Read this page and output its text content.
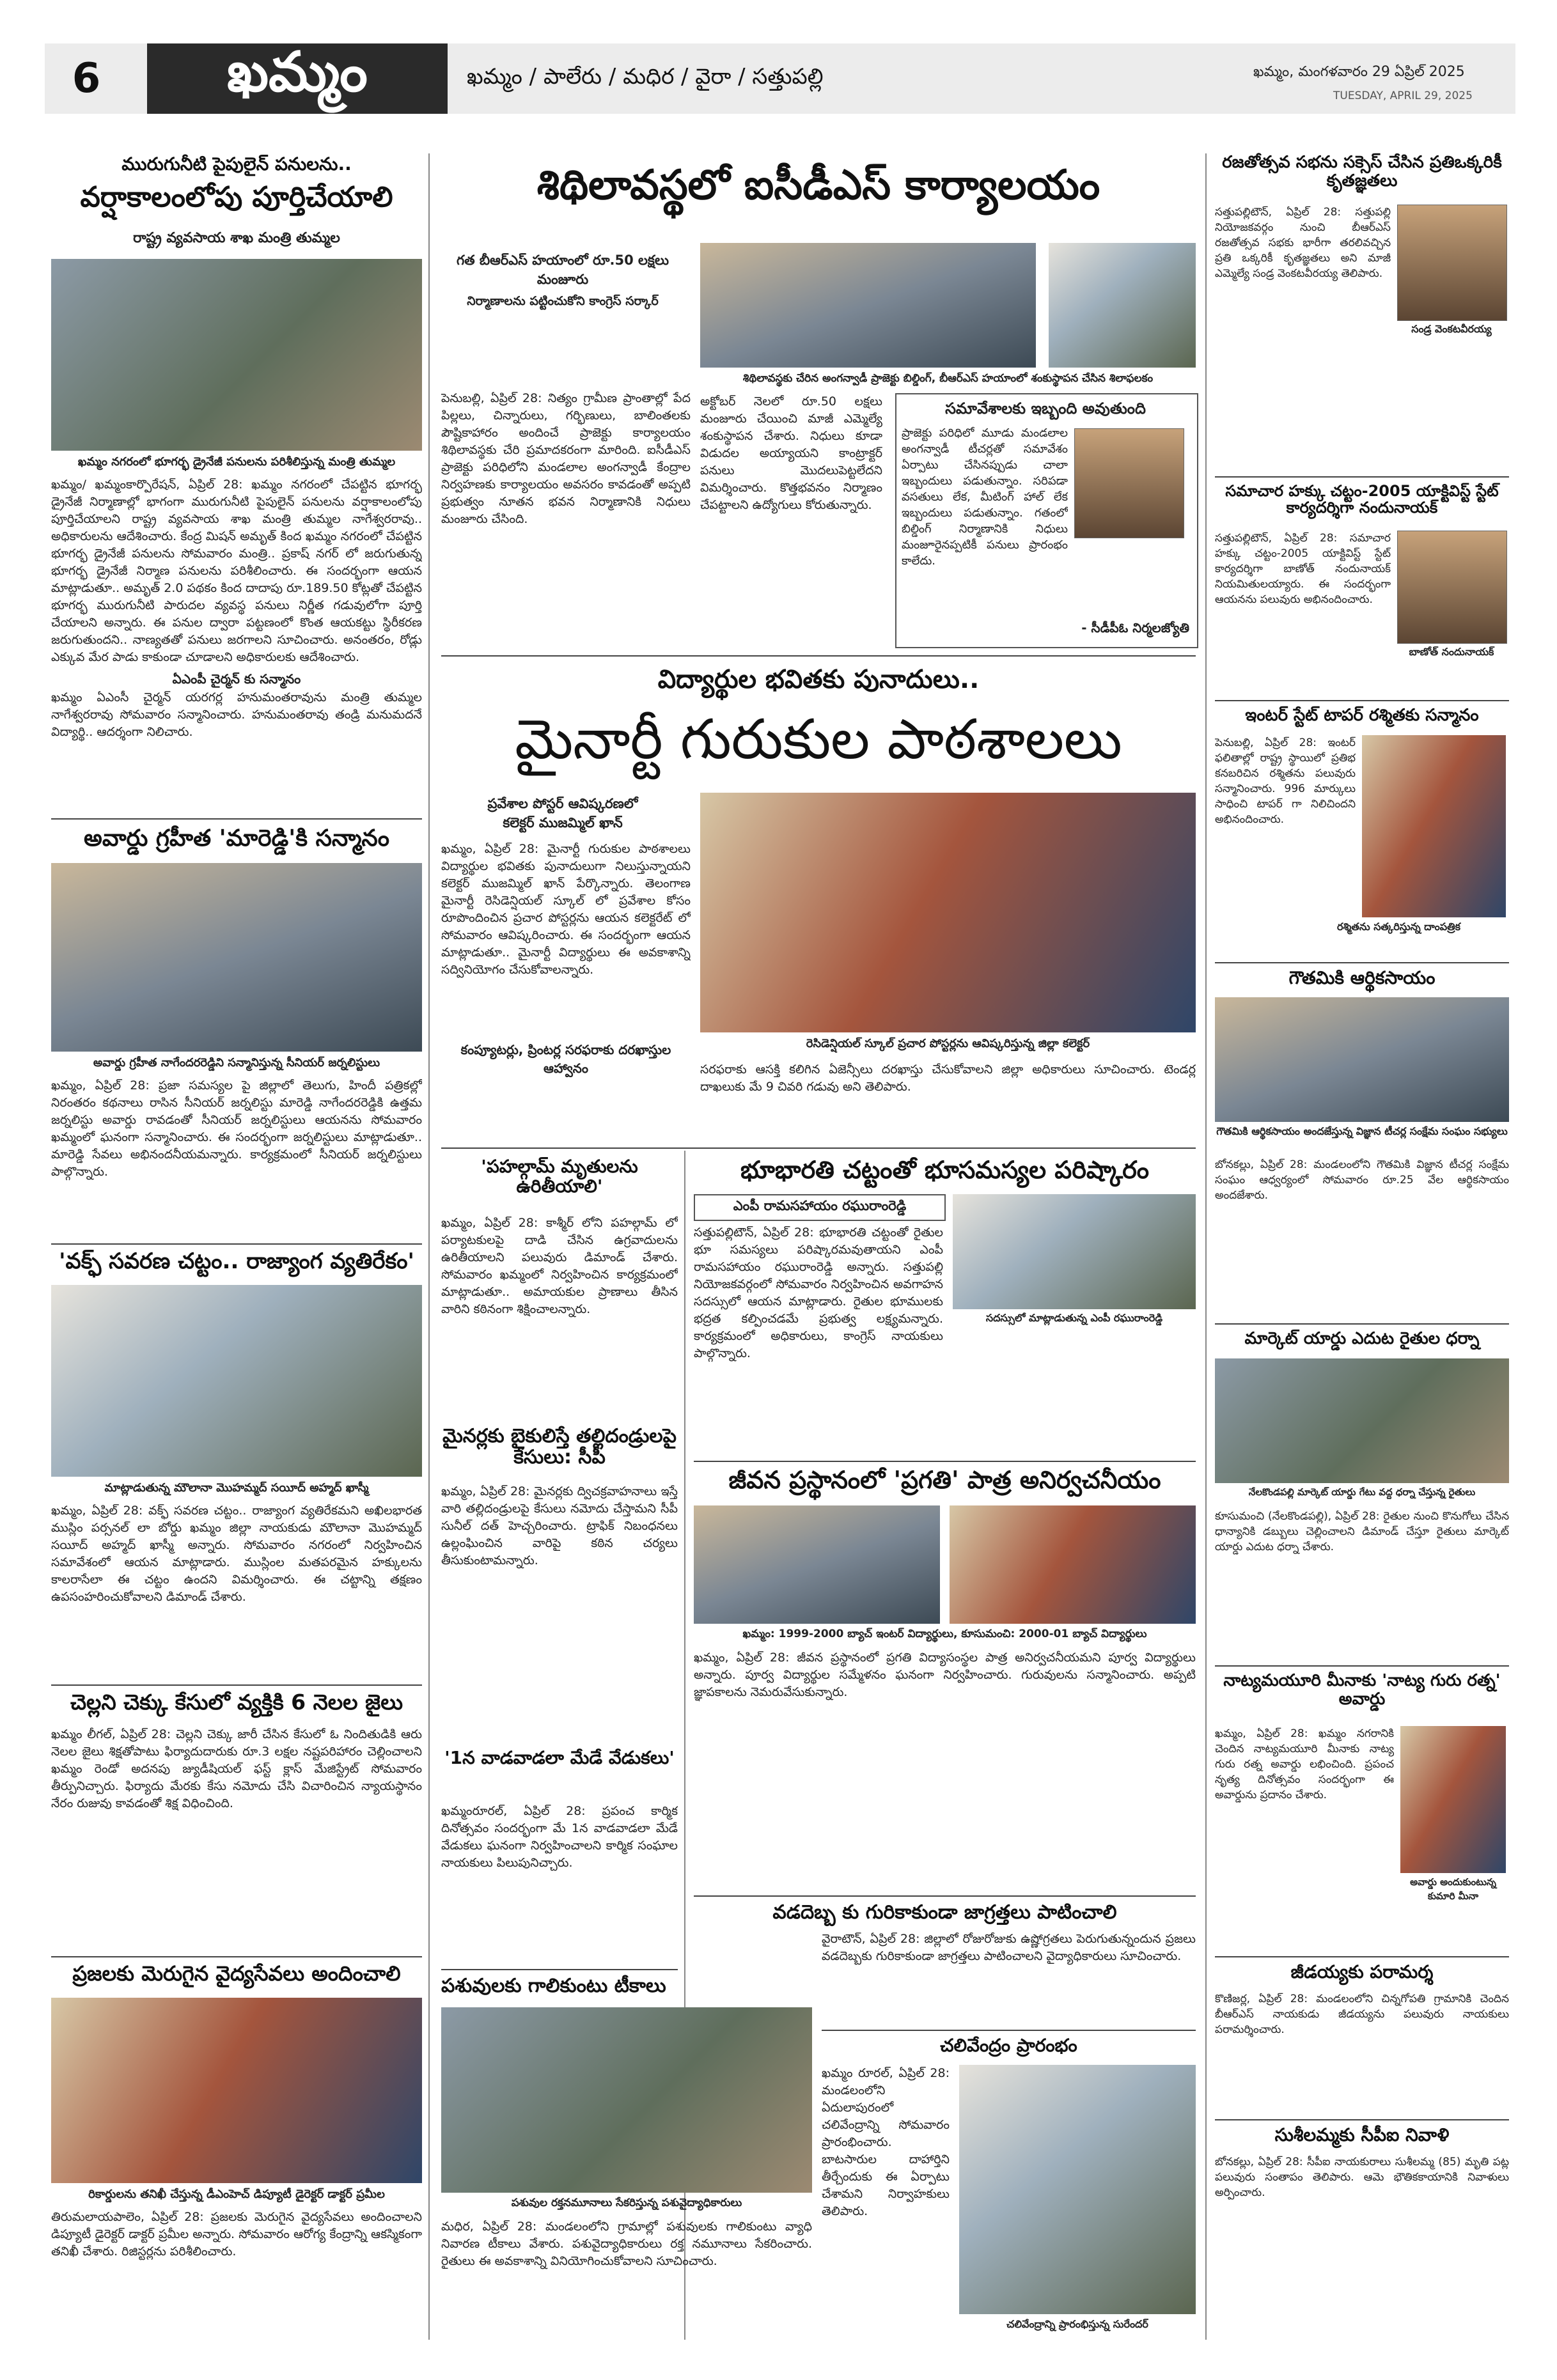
6	ఖమ్మం	ఖమ్మం / పాలేరు / మధిర / వైరా / సత్తుపల్లి	ఖమ్మం, మంగళవారం 29 ఏప్రిల్ 2025
TUESDAY, APRIL 29, 2025
మురుగునీటి పైపులైన్ పనులను..
వర్షాకాలంలోపు పూర్తిచేయాలి
రాష్ట్ర వ్యవసాయ శాఖ మంత్రి తుమ్మల
ఖమ్మం నగరంలో భూగర్భ డ్రైనేజీ పనులను పరిశీలిస్తున్న మంత్రి తుమ్మల
ఖమ్మం/ ఖమ్మంకార్పొరేషన్, ఏప్రిల్ 28: ఖమ్మం నగరంలో చేపట్టిన భూగర్భ డ్రైనేజీ నిర్మాణాల్లో భాగంగా మురుగునీటి పైపులైన్ పనులను వర్షాకాలంలోపు పూర్తిచేయాలని రాష్ట్ర వ్యవసాయ శాఖ మంత్రి తుమ్మల నాగేశ్వరరావు.. అధికారులను ఆదేశించారు. కేంద్ర మిషన్ అమృత్ కింద ఖమ్మం నగరంలో చేపట్టిన భూగర్భ డ్రైనేజీ పనులను సోమవారం మంత్రి.. ప్రకాష్ నగర్ లో జరుగుతున్న భూగర్భ డ్రైనేజీ నిర్మాణ పనులను పరిశీలించారు. ఈ సందర్భంగా ఆయన మాట్లాడుతూ.. అమృత్ 2.0 పథకం కింద దాదాపు రూ.189.50 కోట్లతో చేపట్టిన భూగర్భ మురుగునీటి పారుదల వ్యవస్థ పనులు నిర్ణీత గడువులోగా పూర్తి చేయాలని అన్నారు. ఈ పనుల ద్వారా పట్టణంలో కొంత ఆయకట్టు స్థిరీకరణ జరుగుతుందని.. నాణ్యతతో పనులు జరగాలని సూచించారు. అనంతరం, రోడ్లు ఎక్కువ మేర పాడు కాకుండా చూడాలని అధికారులకు ఆదేశించారు.
ఏఎంపీ చైర్మన్ కు సన్మానం
ఖమ్మం ఏఎంసీ చైర్మన్ యరగర్ల హనుమంతరావును మంత్రి తుమ్మల నాగేశ్వరరావు సోమవారం సన్మానించారు. హనుమంతరావు తండ్రి మనుమదనే విద్యార్థి.. ఆదర్శంగా నిలిచారు.
అవార్డు గ్రహీత 'మారెడ్డి'కి సన్మానం
అవార్డు గ్రహీత నాగేందరరెడ్డిని సన్మానిస్తున్న సీనియర్ జర్నలిస్టులు
ఖమ్మం, ఏప్రిల్ 28: ప్రజా సమస్యల పై జిల్లాలో తెలుగు, హిందీ పత్రికల్లో నిరంతరం కథనాలు రాసిన సీనియర్ జర్నలిస్టు మారెడ్డి నాగేందరరెడ్డికి ఉత్తమ జర్నలిస్టు అవార్డు రావడంతో సీనియర్ జర్నలిస్టులు ఆయనను సోమవారం ఖమ్మంలో ఘనంగా సన్మానించారు. ఈ సందర్భంగా జర్నలిస్టులు మాట్లాడుతూ.. మారెడ్డి సేవలు అభినందనీయమన్నారు. కార్యక్రమంలో సీనియర్ జర్నలిస్టులు పాల్గొన్నారు.
'వక్ఫ్ సవరణ చట్టం.. రాజ్యాంగ వ్యతిరేకం'
మాట్లాడుతున్న మౌలానా మొహమ్మద్ సయీద్ అహ్మద్ ఖాస్మీ
ఖమ్మం, ఏప్రిల్ 28: వక్ఫ్ సవరణ చట్టం.. రాజ్యాంగ వ్యతిరేకమని అఖిలభారత ముస్లిం పర్సనల్ లా బోర్డు ఖమ్మం జిల్లా నాయకుడు మౌలానా మొహమ్మద్ సయీద్ అహ్మద్ ఖాస్మీ అన్నారు. సోమవారం నగరంలో నిర్వహించిన సమావేశంలో ఆయన మాట్లాడారు. ముస్లింల మతపరమైన హక్కులను కాలరాసేలా ఈ చట్టం ఉందని విమర్శించారు. ఈ చట్టాన్ని తక్షణం ఉపసంహరించుకోవాలని డిమాండ్ చేశారు.
చెల్లని చెక్కు కేసులో వ్యక్తికి 6 నెలల జైలు
ఖమ్మం లీగల్, ఏప్రిల్ 28: చెల్లని చెక్కు జారీ చేసిన కేసులో ఓ నిందితుడికి ఆరు నెలల జైలు శిక్షతోపాటు ఫిర్యాదుదారుకు రూ.3 లక్షల నష్టపరిహారం చెల్లించాలని ఖమ్మం రెండో అదనపు జ్యుడీషియల్ ఫస్ట్ క్లాస్ మేజిస్ట్రేట్ సోమవారం తీర్పునిచ్చారు. ఫిర్యాదు మేరకు కేసు నమోదు చేసి విచారించిన న్యాయస్థానం నేరం రుజువు కావడంతో శిక్ష విధించింది.
ప్రజలకు మెరుగైన వైద్యసేవలు అందించాలి
రికార్డులను తనిఖీ చేస్తున్న డీఎంహెచ్ డిప్యూటీ డైరెక్టర్ డాక్టర్ ప్రమీల
తిరుమలాయపాలెం, ఏప్రిల్ 28: ప్రజలకు మెరుగైన వైద్యసేవలు అందించాలని డిప్యూటీ డైరెక్టర్ డాక్టర్ ప్రమీల అన్నారు. సోమవారం ఆరోగ్య కేంద్రాన్ని ఆకస్మికంగా తనిఖీ చేశారు. రిజిస్టర్లను పరిశీలించారు.
శిథిలావస్థలో ఐసీడీఎస్ కార్యాలయం
గత బీఆర్ఎస్ హయాంలో రూ.50 లక్షలు మంజూరు
నిర్మాణాలను పట్టించుకోని కాంగ్రెస్ సర్కార్
శిథిలావస్థకు చేరిన అంగన్వాడీ ప్రాజెక్టు బిల్డింగ్, బీఆర్ఎస్ హయాంలో శంకుస్థాపన చేసిన శిలాఫలకం
పెనుబల్లి, ఏప్రిల్ 28: నిత్యం గ్రామీణ ప్రాంతాల్లో పేద పిల్లలు, చిన్నారులు, గర్భిణులు, బాలింతలకు పౌష్టికాహారం అందించే ప్రాజెక్టు కార్యాలయం శిథిలావస్థకు చేరి ప్రమాదకరంగా మారింది. ఐసీడీఎస్ ప్రాజెక్టు పరిధిలోని మండలాల అంగన్వాడీ కేంద్రాల నిర్వహణకు కార్యాలయం అవసరం కావడంతో అప్పటి ప్రభుత్వం నూతన భవన నిర్మాణానికి నిధులు మంజూరు చేసింది.
అక్టోబర్ నెలలో రూ.50 లక్షలు మంజూరు చేయించి మాజీ ఎమ్మెల్యే శంకుస్థాపన చేశారు. నిధులు కూడా విడుదల అయ్యాయని కాంట్రాక్టర్ పనులు మొదలుపెట్టలేదని విమర్శించారు. కొత్తభవనం నిర్మాణం చేపట్టాలని ఉద్యోగులు కోరుతున్నారు.
సమావేశాలకు ఇబ్బంది అవుతుంది
ప్రాజెక్టు పరిధిలో మూడు మండలాల అంగన్వాడీ టీచర్లతో సమావేశం ఏర్పాటు చేసినప్పుడు చాలా ఇబ్బందులు పడుతున్నాం. సరిపడా వసతులు లేక, మీటింగ్ హాల్ లేక ఇబ్బందులు పడుతున్నాం. గతంలో బిల్డింగ్ నిర్మాణానికి నిధులు మంజూరైనప్పటికీ పనులు ప్రారంభం కాలేదు.
- సీడీపీఓ నిర్మలజ్యోతి
విద్యార్థుల భవితకు పునాదులు..
మైనార్టీ గురుకుల పాఠశాలలు
ప్రవేశాల పోస్టర్ ఆవిష్కరణలో
కలెక్టర్ ముజమ్మిల్ ఖాన్
ఖమ్మం, ఏప్రిల్ 28: మైనార్టీ గురుకుల పాఠశాలలు విద్యార్థుల భవితకు పునాదులుగా నిలుస్తున్నాయని కలెక్టర్ ముజమ్మిల్ ఖాన్ పేర్కొన్నారు. తెలంగాణ మైనార్టీ రెసిడెన్షియల్ స్కూల్ లో ప్రవేశాల కోసం రూపొందించిన ప్రచార పోస్టర్లను ఆయన కలెక్టరేట్ లో సోమవారం ఆవిష్కరించారు. ఈ సందర్భంగా ఆయన మాట్లాడుతూ.. మైనార్టీ విద్యార్థులు ఈ అవకాశాన్ని సద్వినియోగం చేసుకోవాలన్నారు.
కంప్యూటర్లు, ప్రింటర్ల సరఫరాకు దరఖాస్తుల ఆహ్వానం
రెసిడెన్షియల్ స్కూల్ ప్రచార పోస్టర్లను ఆవిష్కరిస్తున్న జిల్లా కలెక్టర్
సరఫరాకు ఆసక్తి కలిగిన ఏజెన్సీలు దరఖాస్తు చేసుకోవాలని జిల్లా అధికారులు సూచించారు. టెండర్ల దాఖలుకు మే 9 చివరి గడువు అని తెలిపారు.
'పహల్గామ్ మృతులను ఉరితీయాలి'
ఖమ్మం, ఏప్రిల్ 28: కాశ్మీర్ లోని పహల్గామ్ లో పర్యాటకులపై దాడి చేసిన ఉగ్రవాదులను ఉరితీయాలని పలువురు డిమాండ్ చేశారు. సోమవారం ఖమ్మంలో నిర్వహించిన కార్యక్రమంలో మాట్లాడుతూ.. అమాయకుల ప్రాణాలు తీసిన వారిని కఠినంగా శిక్షించాలన్నారు.
మైనర్లకు బైకులిస్తే తల్లిదండ్రులపై కేసులు: సీపీ
ఖమ్మం, ఏప్రిల్ 28: మైనర్లకు ద్విచక్రవాహనాలు ఇస్తే వారి తల్లిదండ్రులపై కేసులు నమోదు చేస్తామని సీపీ సునీల్ దత్ హెచ్చరించారు. ట్రాఫిక్ నిబంధనలు ఉల్లంఘించిన వారిపై కఠిన చర్యలు తీసుకుంటామన్నారు.
'1న వాడవాడలా మేడే వేడుకలు'
ఖమ్మంరూరల్, ఏప్రిల్ 28: ప్రపంచ కార్మిక దినోత్సవం సందర్భంగా మే 1న వాడవాడలా మేడే వేడుకలు ఘనంగా నిర్వహించాలని కార్మిక సంఘాల నాయకులు పిలుపునిచ్చారు.
భూభారతి చట్టంతో భూసమస్యల పరిష్కారం
ఎంపీ రామసహాయం రఘురాంరెడ్డి
సదస్సులో మాట్లాడుతున్న ఎంపీ రఘురాంరెడ్డి
సత్తుపల్లిటౌన్, ఏప్రిల్ 28: భూభారతి చట్టంతో రైతుల భూ సమస్యలు పరిష్కారమవుతాయని ఎంపీ రామసహాయం రఘురాంరెడ్డి అన్నారు. సత్తుపల్లి నియోజకవర్గంలో సోమవారం నిర్వహించిన అవగాహన సదస్సులో ఆయన మాట్లాడారు. రైతుల భూములకు భద్రత కల్పించడమే ప్రభుత్వ లక్ష్యమన్నారు. కార్యక్రమంలో అధికారులు, కాంగ్రెస్ నాయకులు పాల్గొన్నారు.
జీవన ప్రస్థానంలో 'ప్రగతి' పాత్ర అనిర్వచనీయం
ఖమ్మం: 1999-2000 బ్యాచ్ ఇంటర్ విద్యార్థులు, కూసుమంచి: 2000-01 బ్యాచ్ విద్యార్థులు
ఖమ్మం, ఏప్రిల్ 28: జీవన ప్రస్థానంలో ప్రగతి విద్యాసంస్థల పాత్ర అనిర్వచనీయమని పూర్వ విద్యార్థులు అన్నారు. పూర్వ విద్యార్థుల సమ్మేళనం ఘనంగా నిర్వహించారు. గురువులను సన్మానించారు. అప్పటి జ్ఞాపకాలను నెమరువేసుకున్నారు.
వడదెబ్బ కు గురికాకుండా జాగ్రత్తలు పాటించాలి
వైరాటౌన్, ఏప్రిల్ 28: జిల్లాలో రోజురోజుకు ఉష్ణోగ్రతలు పెరుగుతున్నందున ప్రజలు వడదెబ్బకు గురికాకుండా జాగ్రత్తలు పాటించాలని వైద్యాధికారులు సూచించారు.
చలివేంద్రం ప్రారంభం
ఖమ్మం రూరల్, ఏప్రిల్ 28: మండలంలోని ఏదులాపురంలో చలివేంద్రాన్ని సోమవారం ప్రారంభించారు. బాటసారుల దాహార్తిని తీర్చేందుకు ఈ ఏర్పాటు చేశామని నిర్వాహకులు తెలిపారు.
చలివేంద్రాన్ని ప్రారంభిస్తున్న సురేందర్
పశువులకు గాలికుంటు టీకాలు
పశువుల రక్తనమూనాలు సేకరిస్తున్న పశువైద్యాధికారులు
మధిర, ఏప్రిల్ 28: మండలంలోని గ్రామాల్లో పశువులకు గాలికుంటు వ్యాధి నివారణ టీకాలు వేశారు. పశువైద్యాధికారులు రక్త నమూనాలు సేకరించారు. రైతులు ఈ అవకాశాన్ని వినియోగించుకోవాలని సూచించారు.
రజతోత్సవ సభను సక్సెస్ చేసిన ప్రతిఒక్కరికీ కృతజ్ఞతలు
సండ్ర వెంకటవీరయ్య
సత్తుపల్లిటౌన్, ఏప్రిల్ 28: సత్తుపల్లి నియోజకవర్గం నుంచి బీఆర్ఎస్ రజతోత్సవ సభకు భారీగా తరలివచ్చిన ప్రతి ఒక్కరికీ కృతజ్ఞతలు అని మాజీ ఎమ్మెల్యే సండ్ర వెంకటవీరయ్య తెలిపారు.
సమాచార హక్కు చట్టం-2005 యాక్టివిస్ట్ స్టేట్ కార్యదర్శిగా నందునాయక్
బాణోత్ నందునాయక్
సత్తుపల్లిటౌన్, ఏప్రిల్ 28: సమాచార హక్కు చట్టం-2005 యాక్టివిస్ట్ స్టేట్ కార్యదర్శిగా బాణోత్ నందునాయక్ నియమితులయ్యారు. ఈ సందర్భంగా ఆయనను పలువురు అభినందించారు.
ఇంటర్ స్టేట్ టాపర్ రశ్మితకు సన్మానం
రశ్మితను సత్కరిస్తున్న దాంపత్రిక
పెనుబల్లి, ఏప్రిల్ 28: ఇంటర్ ఫలితాల్లో రాష్ట్ర స్థాయిలో ప్రతిభ కనబరిచిన రశ్మితను పలువురు సన్మానించారు. 996 మార్కులు సాధించి టాపర్ గా నిలిచిందని అభినందించారు.
గౌతమికి ఆర్థికసాయం
గౌతమికి ఆర్థికసాయం అందజేస్తున్న విజ్ఞాన టీచర్ల సంక్షేమ సంఘం సభ్యులు
బోనకల్లు, ఏప్రిల్ 28: మండలంలోని గౌతమికి విజ్ఞాన టీచర్ల సంక్షేమ సంఘం ఆధ్వర్యంలో సోమవారం రూ.25 వేల ఆర్థికసాయం అందజేశారు.
మార్కెట్ యార్డు ఎదుట రైతుల ధర్నా
నేలకొండపల్లి మార్కెట్ యార్డు గేటు వద్ద ధర్నా చేస్తున్న రైతులు
కూసుమంచి (నేలకొండపల్లి), ఏప్రిల్ 28: రైతుల నుంచి కొనుగోలు చేసిన ధాన్యానికి డబ్బులు చెల్లించాలని డిమాండ్ చేస్తూ రైతులు మార్కెట్ యార్డు ఎదుట ధర్నా చేశారు.
నాట్యమయూరి మీనాకు 'నాట్య గురు రత్న' అవార్డు
అవార్డు అందుకుంటున్న కుమారి మీనా
ఖమ్మం, ఏప్రిల్ 28: ఖమ్మం నగరానికి చెందిన నాట్యమయూరి మీనాకు నాట్య గురు రత్న అవార్డు లభించింది. ప్రపంచ నృత్య దినోత్సవం సందర్భంగా ఈ అవార్డును ప్రదానం చేశారు.
జీడయ్యకు పరామర్శ
కొణిజర్ల, ఏప్రిల్ 28: మండలంలోని చిన్నగోపతి గ్రామానికి చెందిన బీఆర్ఎస్ నాయకుడు జీడయ్యను పలువురు నాయకులు పరామర్శించారు.
సుశీలమ్మకు సీపీఐ నివాళి
బోనకల్లు, ఏప్రిల్ 28: సీపీఐ నాయకురాలు సుశీలమ్మ (85) మృతి పట్ల పలువురు సంతాపం తెలిపారు. ఆమె భౌతికకాయానికి నివాళులు అర్పించారు.
